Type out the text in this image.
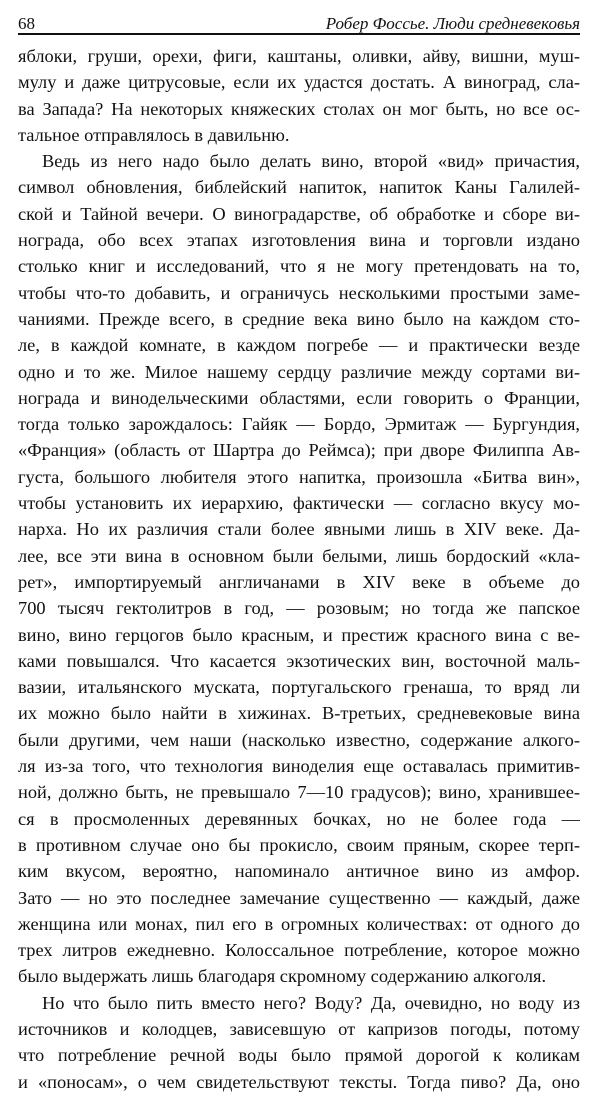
68	Робер Фоссье. Люди средневековья
яблоки, груши, орехи, фиги, каштаны, оливки, айву, вишни, муш-
мулу и даже цитрусовые, если их удастся достать. А виноград, сла-
ва Запада? На некоторых княжеских столах он мог быть, но все ос-
тальное отправлялось в давильню.
Ведь из него надо было делать вино, второй «вид» причастия,
символ обновления, библейский напиток, напиток Каны Галилей-
ской и Тайной вечери. О виноградарстве, об обработке и сборе ви-
нограда, обо всех этапах изготовления вина и торговли издано
столько книг и исследований, что я не могу претендовать на то,
чтобы что-то добавить, и ограничусь несколькими простыми заме-
чаниями. Прежде всего, в средние века вино было на каждом сто-
ле, в каждой комнате, в каждом погребе — и практически везде
одно и то же. Милое нашему сердцу различие между сортами ви-
нограда и винодельческими областями, если говорить о Франции,
тогда только зарождалось: Гайяк — Бордо, Эрмитаж — Бургундия,
«Франция» (область от Шартра до Реймса); при дворе Филиппа Ав-
густа, большого любителя этого напитка, произошла «Битва вин»,
чтобы установить их иерархию, фактически — согласно вкусу мо-
нарха. Но их различия стали более явными лишь в XIV веке. Да-
лее, все эти вина в основном были белыми, лишь бордоский «кла-
рет», импортируемый англичанами в XIV веке в объеме до
700 тысяч гектолитров в год, — розовым; но тогда же папское
вино, вино герцогов было красным, и престиж красного вина с ве-
ками повышался. Что касается экзотических вин, восточной маль-
вазии, итальянского муската, португальского гренаша, то вряд ли
их можно было найти в хижинах. В-третьих, средневековые вина
были другими, чем наши (насколько известно, содержание алкого-
ля из-за того, что технология виноделия еще оставалась примитив-
ной, должно быть, не превышало 7—10 градусов); вино, хранившее-
ся в просмоленных деревянных бочках, но не более года —
в противном случае оно бы прокисло, своим пряным, скорее терп-
ким вкусом, вероятно, напоминало античное вино из амфор.
Зато — но это последнее замечание существенно — каждый, даже
женщина или монах, пил его в огромных количествах: от одного до
трех литров ежедневно. Колоссальное потребление, которое можно
было выдержать лишь благодаря скромному содержанию алкоголя.
Но что было пить вместо него? Воду? Да, очевидно, но воду из
источников и колодцев, зависевшую от капризов погоды, потому
что потребление речной воды было прямой дорогой к коликам
и «поносам», о чем свидетельствуют тексты. Тогда пиво? Да, оно
